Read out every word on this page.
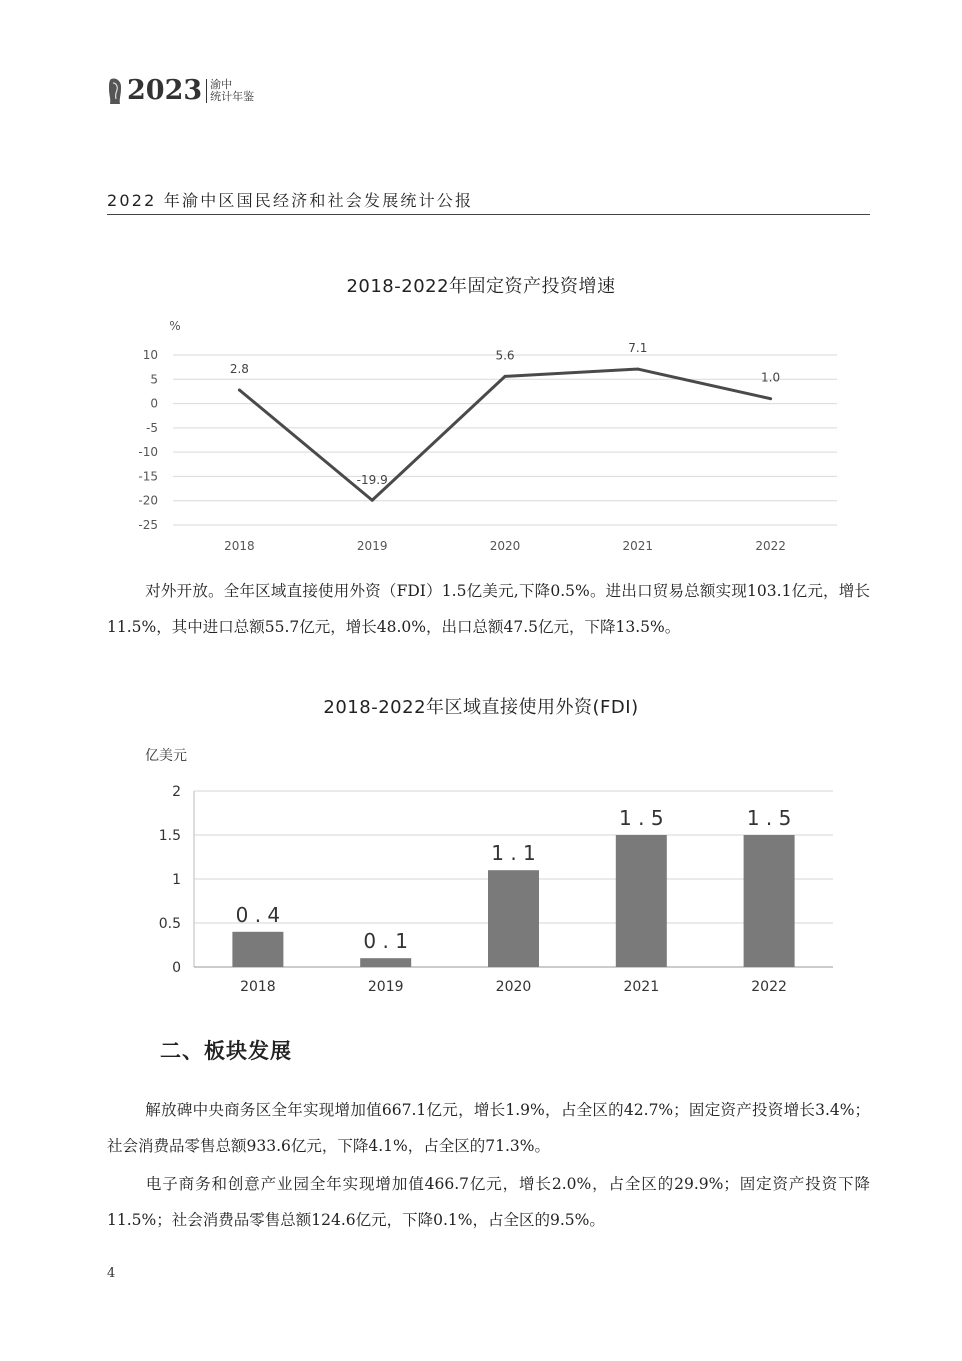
2023 渝中
统计年鉴
2022 年渝中区国民经济和社会发展统计公报
2018-2022年固定资产投资增速
10
5
0
-5
-10
-15
-20
-25
2018	2019	2020	2021	2022
2.8
-19.9
5.6
7.1
1.0
%
对外开放。全年区域直接使用外资（FDI）1.5亿美元,下降0.5%。进出口贸易总额实现103.1亿元，增长11.5%，其中进口总额55.7亿元，增长48.0%，出口总额47.5亿元，下降13.5%。
2018-2022年区域直接使用外资(FDI)
亿美元
2
1.5
1
0.5
0
0 . 4
0 . 1
1 . 1
1 . 5	1 . 5
2018	2019	2020	2021	2022
二、板块发展
解放碑中央商务区全年实现增加值667.1亿元，增长1.9%，占全区的42.7%；固定资产投资增长3.4%；社会消费品零售总额933.6亿元，下降4.1%，占全区的71.3%。
电子商务和创意产业园全年实现增加值466.7亿元，增长2.0%，占全区的29.9%；固定资产投资下降11.5%；社会消费品零售总额124.6亿元，下降0.1%，占全区的9.5%。
4
